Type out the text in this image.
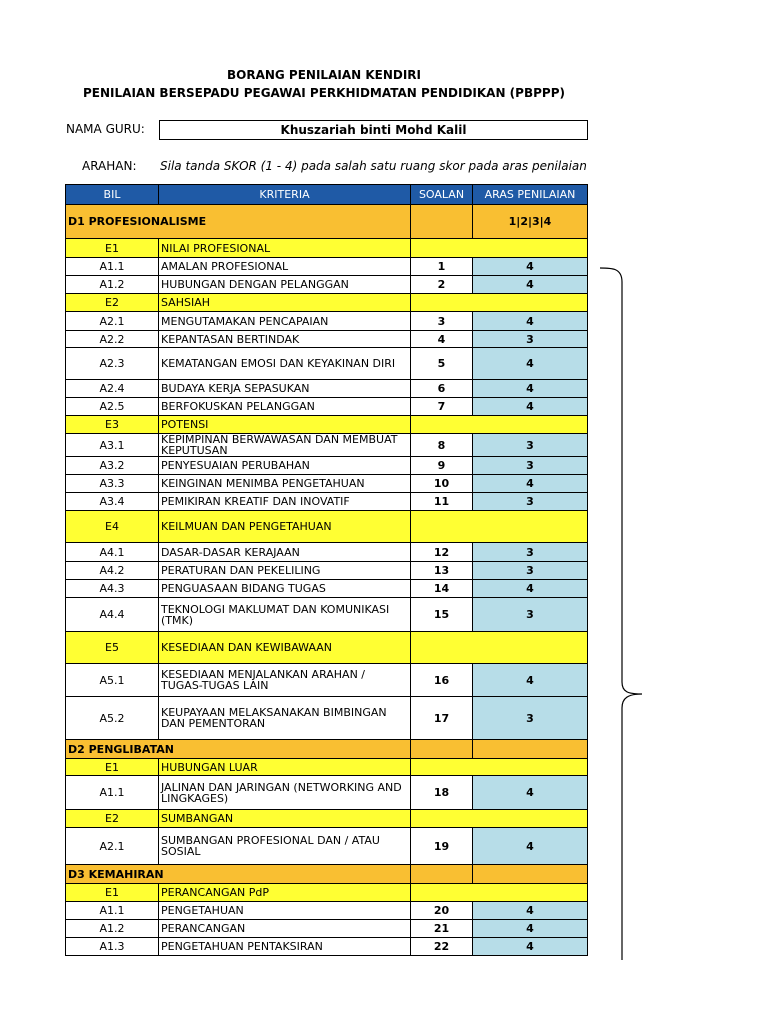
BORANG PENILAIAN KENDIRI
PENILAIAN BERSEPADU PEGAWAI PERKHIDMATAN PENDIDIKAN (PBPPP)
NAMA GURU:	Khuszariah binti Mohd Kalil
ARAHAN: Sila tanda SKOR (1 - 4) pada salah satu ruang skor pada aras penilaian
BIL	KRITERIA	SOALAN	ARAS PENILAIAN
D1 PROFESIONALISME			1|2|3|4
E1	NILAI PROFESIONAL		
A1.1	AMALAN PROFESIONAL	1	4
A1.2	HUBUNGAN DENGAN PELANGGAN	2	4
E2	SAHSIAH		
A2.1	MENGUTAMAKAN PENCAPAIAN	3	4
A2.2	KEPANTASAN BERTINDAK	4	3
A2.3	KEMATANGAN EMOSI DAN KEYAKINAN DIRI	5	4
A2.4	BUDAYA KERJA SEPASUKAN	6	4
A2.5	BERFOKUSKAN PELANGGAN	7	4
E3	POTENSI		
A3.1	KEPIMPINAN BERWAWASAN DAN MEMBUAT KEPUTUSAN	8	3
A3.2	PENYESUAIAN PERUBAHAN	9	3
A3.3	KEINGINAN MENIMBA PENGETAHUAN	10	4
A3.4	PEMIKIRAN KREATIF DAN INOVATIF	11	3
E4	KEILMUAN DAN PENGETAHUAN		
A4.1	DASAR-DASAR KERAJAAN	12	3
A4.2	PERATURAN DAN PEKELILING	13	3
A4.3	PENGUASAAN BIDANG TUGAS	14	4
A4.4	TEKNOLOGI MAKLUMAT DAN KOMUNIKASI (TMK)	15	3
E5	KESEDIAAN DAN KEWIBAWAAN		
A5.1	KESEDIAAN MENJALANKAN ARAHAN / TUGAS-TUGAS LAIN	16	4
A5.2	KEUPAYAAN MELAKSANAKAN BIMBINGAN DAN PEMENTORAN	17	3
D2 PENGLIBATAN			
E1	HUBUNGAN LUAR		
A1.1	JALINAN DAN JARINGAN (NETWORKING AND LINGKAGES)	18	4
E2	SUMBANGAN		
A2.1	SUMBANGAN PROFESIONAL DAN / ATAU SOSIAL	19	4
D3 KEMAHIRAN			
E1	PERANCANGAN PdP		
A1.1	PENGETAHUAN	20	4
A1.2	PERANCANGAN	21	4
A1.3	PENGETAHUAN PENTAKSIRAN	22	4
